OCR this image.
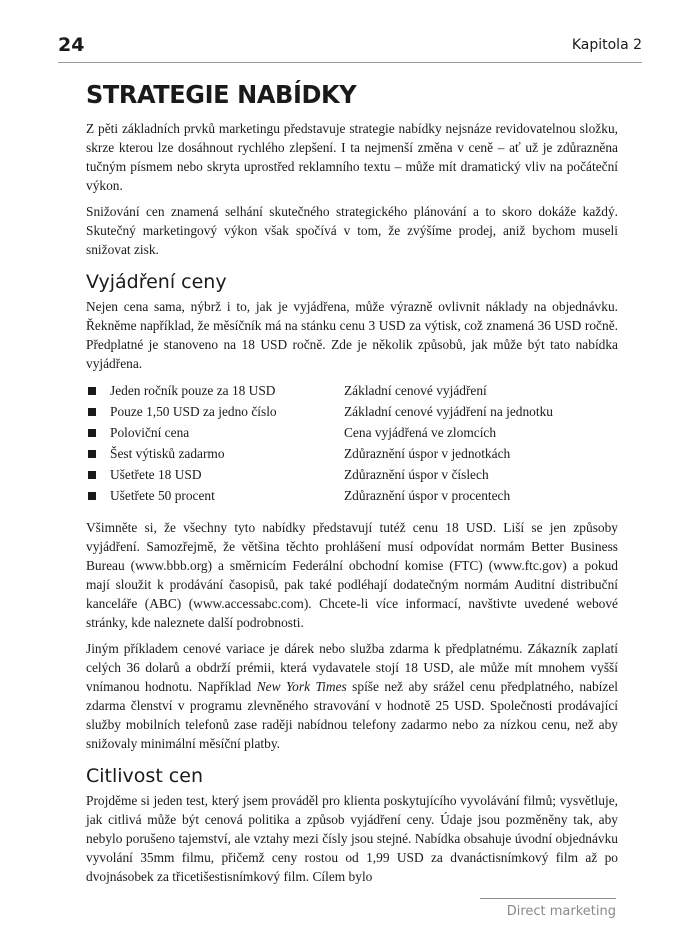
24	Kapitola 2
STRATEGIE NABÍDKY

Z pěti základních prvků marketingu představuje strategie nabídky nejsnáze revidovatelnou složku, skrze kterou lze dosáhnout rychlého zlepšení. I ta nejmenší změna v ceně – ať už je zdůrazněna tučným písmem nebo skryta uprostřed reklamního textu – může mít dramatický vliv na počáteční výkon.

Snižování cen znamená selhání skutečného strategického plánování a to skoro dokáže každý. Skutečný marketingový výkon však spočívá v tom, že zvýšíme prodej, aniž bychom museli snižovat zisk.

Vyjádření ceny

Nejen cena sama, nýbrž i to, jak je vyjádřena, může výrazně ovlivnit náklady na objednávku. Řekněme například, že měsíčník má na stánku cenu 3 USD za výtisk, což znamená 36 USD ročně. Předplatné je stanoveno na 18 USD ročně. Zde je několik způsobů, jak může být tato nabídka vyjádřena.

Jeden ročník pouze za 18 USD	Základní cenové vyjádření
Pouze 1,50 USD za jedno číslo	Základní cenové vyjádření na jednotku
Poloviční cena	Cena vyjádřená ve zlomcích
Šest výtisků zadarmo	Zdůraznění úspor v jednotkách
Ušetřete 18 USD	Zdůraznění úspor v číslech
Ušetřete 50 procent	Zdůraznění úspor v procentech

Všimněte si, že všechny tyto nabídky představují tutéž cenu 18 USD. Liší se jen způsoby vyjádření. Samozřejmě, že většina těchto prohlášení musí odpovídat normám Better Business Bureau (www.bbb.org) a směrnicím Federální obchodní komise (FTC) (www.ftc.gov) a pokud mají sloužit k prodávání časopisů, pak také podléhají dodatečným normám Auditní distribuční kanceláře (ABC) (www.accessabc.com). Chcete-li více informací, navštivte uvedené webové stránky, kde naleznete další podrobnosti.

Jiným příkladem cenové variace je dárek nebo služba zdarma k předplatnému. Zákazník zaplatí celých 36 dolarů a obdrží prémii, která vydavatele stojí 18 USD, ale může mít mnohem vyšší vnímanou hodnotu. Například New York Times spíše než aby srážel cenu předplatného, nabízel zdarma členství v programu zlevněného stravování v hodnotě 25 USD. Společnosti prodávající služby mobilních telefonů zase raději nabídnou telefony zadarmo nebo za nízkou cenu, než aby snižovaly minimální měsíční platby.

Citlivost cen

Projděme si jeden test, který jsem prováděl pro klienta poskytujícího vyvolávání filmů; vysvětluje, jak citlivá může být cenová politika a způsob vyjádření ceny. Údaje jsou pozměněny tak, aby nebylo porušeno tajemství, ale vztahy mezi čísly jsou stejné. Nabídka obsahuje úvodní objednávku vyvolání 35mm filmu, přičemž ceny rostou od 1,99 USD za dvanáctisnímkový film až po dvojnásobek za třicetišestisnímkový film. Cílem bylo

Direct marketing
